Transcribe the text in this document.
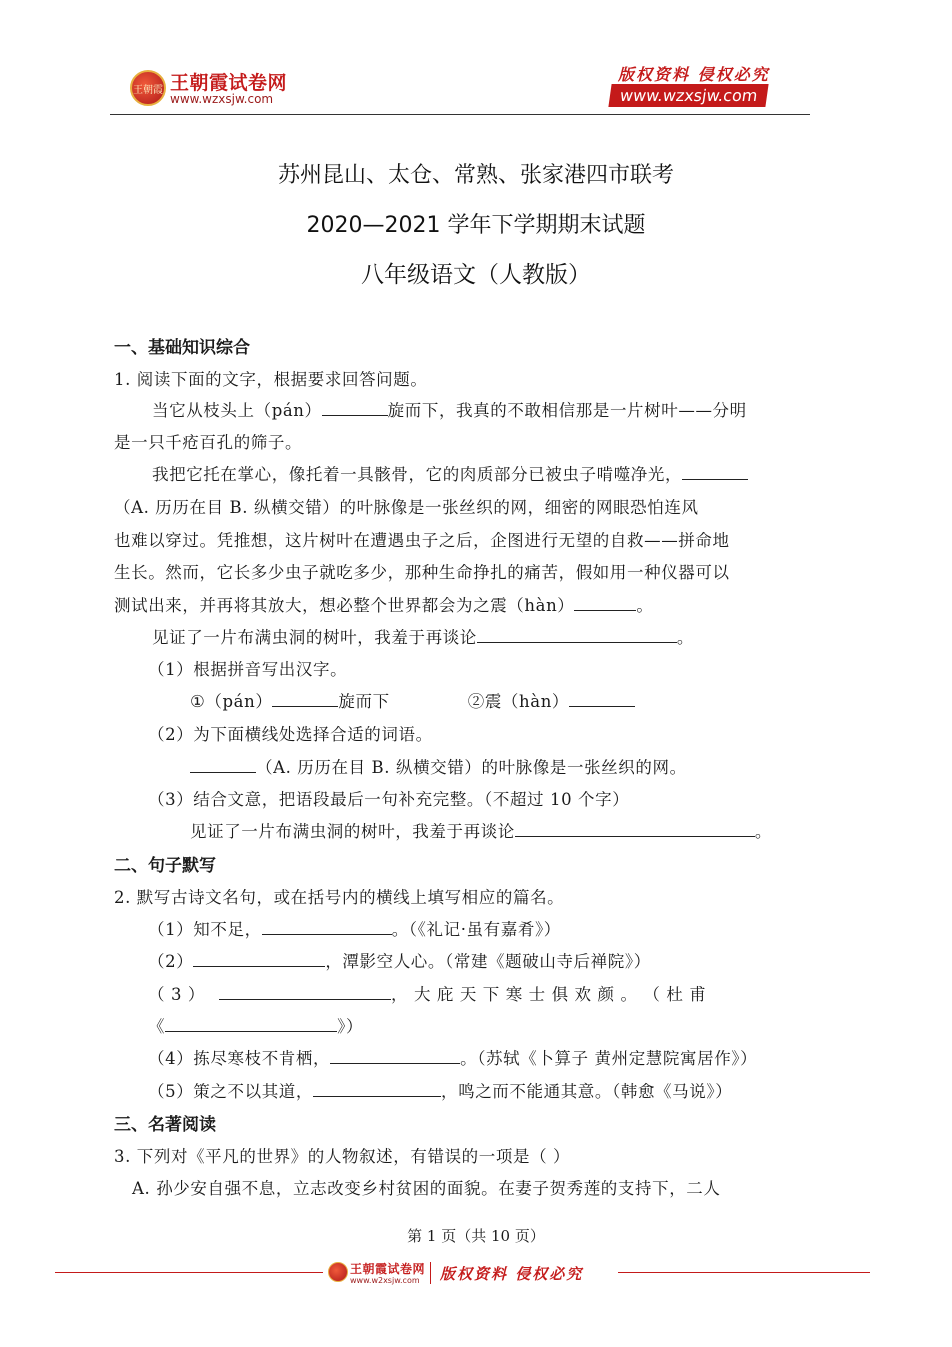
王朝霞 王朝霞试卷网
www.wzxsjw.com
版权资料 侵权必究
www.wzxsjw.com
苏州昆山、太仓、常熟、张家港四市联考
2020—2021 学年下学期期末试题
八年级语文（人教版）
一、基础知识综合
1. 阅读下面的文字，根据要求回答问题。
当它从枝头上（pán）	旋而下，我真的不敢相信那是一片树叶——分明
是一只千疮百孔的筛子。
我把它托在掌心，像托着一具骸骨，它的肉质部分已被虫子啃噬净光，
（A. 历历在目 B. 纵横交错）的叶脉像是一张丝织的网，细密的网眼恐怕连风
也难以穿过。凭推想，这片树叶在遭遇虫子之后，企图进行无望的自救——拼命地
生长。然而，它长多少虫子就吃多少，那种生命挣扎的痛苦，假如用一种仪器可以
测试出来，并再将其放大，想必整个世界都会为之震（hàn）	。
见证了一片布满虫洞的树叶，我羞于再谈论	。
（1）根据拼音写出汉字。
①（pán）	旋而下	②震（hàn）
（2）为下面横线处选择合适的词语。
（A. 历历在目 B. 纵横交错）的叶脉像是一张丝织的网。
（3）结合文意，把语段最后一句补充完整。（不超过 10 个字）
见证了一片布满虫洞的树叶，我羞于再谈论	。
二、句子默写
2. 默写古诗文名句，或在括号内的横线上填写相应的篇名。
（1）知不足，	。（《礼记·虽有嘉肴》）
（2）	，潭影空人心。（常建《题破山寺后禅院》）
（ 3 ）	， 大 庇 天 下 寒 士 俱 欢 颜 。 （ 杜 甫
《	》）
（4）拣尽寒枝不肯栖，	。（苏轼《卜算子 黄州定慧院寓居作》）
（5）策之不以其道，	，鸣之而不能通其意。（韩愈《马说》）
三、名著阅读
3. 下列对《平凡的世界》的人物叙述，有错误的一项是（ ）
A. 孙少安自强不息，立志改变乡村贫困的面貌。在妻子贺秀莲的支持下，二人
第 1 页（共 10 页）
王朝霞试卷网
www.w2xsjw.com 版权资料 侵权必究
